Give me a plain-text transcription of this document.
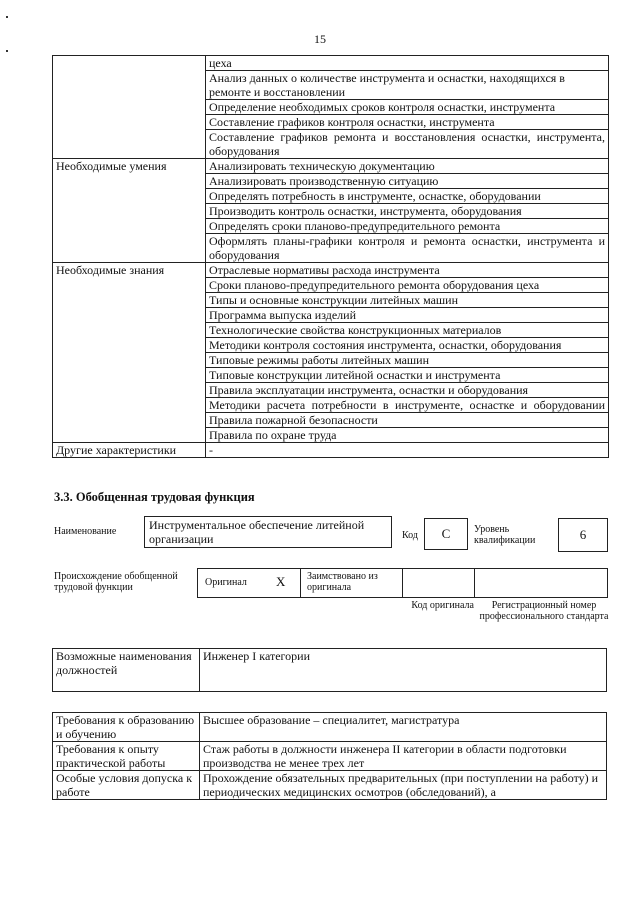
15
	цеха
	Анализ данных о количестве инструмента и оснастки, находящихся в ремонте и восстановлении
	Определение необходимых сроков контроля оснастки, инструмента
	Составление графиков контроля оснастки, инструмента
	Составление графиков ремонта и восстановления оснастки, инструмента, оборудования
Необходимые умения	Анализировать техническую документацию
	Анализировать производственную ситуацию
	Определять потребность в инструменте, оснастке, оборудовании
	Производить контроль оснастки, инструмента, оборудования
	Определять сроки планово-предупредительного ремонта
	Оформлять планы-графики контроля и ремонта оснастки, инструмента и оборудования
Необходимые знания	Отраслевые нормативы расхода инструмента
	Сроки планово-предупредительного ремонта оборудования цеха
	Типы и основные конструкции литейных машин
	Программа выпуска изделий
	Технологические свойства конструкционных материалов
	Методики контроля состояния инструмента, оснастки, оборудования
	Типовые режимы работы литейных машин
	Типовые конструкции литейной оснастки и инструмента
	Правила эксплуатации инструмента, оснастки и оборудования
	Методики расчета потребности в инструменте, оснастке и оборудовании
	Правила пожарной безопасности
	Правила по охране труда
Другие характеристики	-
3.3. Обобщенная трудовая функция
Наименование	Инструментальное обеспечение литейной организации	Код	C	Уровень квалификации	6
Происхождение обобщенной трудовой функции	Оригинал X Заимствовано из оригинала
Код оригинала	Регистрационный номер профессионального стандарта
Возможные наименования должностей	Инженер I категории
Требования к образованию и обучению	Высшее образование – специалитет, магистратура
Требования к опыту практической работы	Стаж работы в должности инженера II категории в области подготовки производства не менее трех лет
Особые условия допуска к работе	Прохождение обязательных предварительных (при поступлении на работу) и периодических медицинских осмотров (обследований), а
